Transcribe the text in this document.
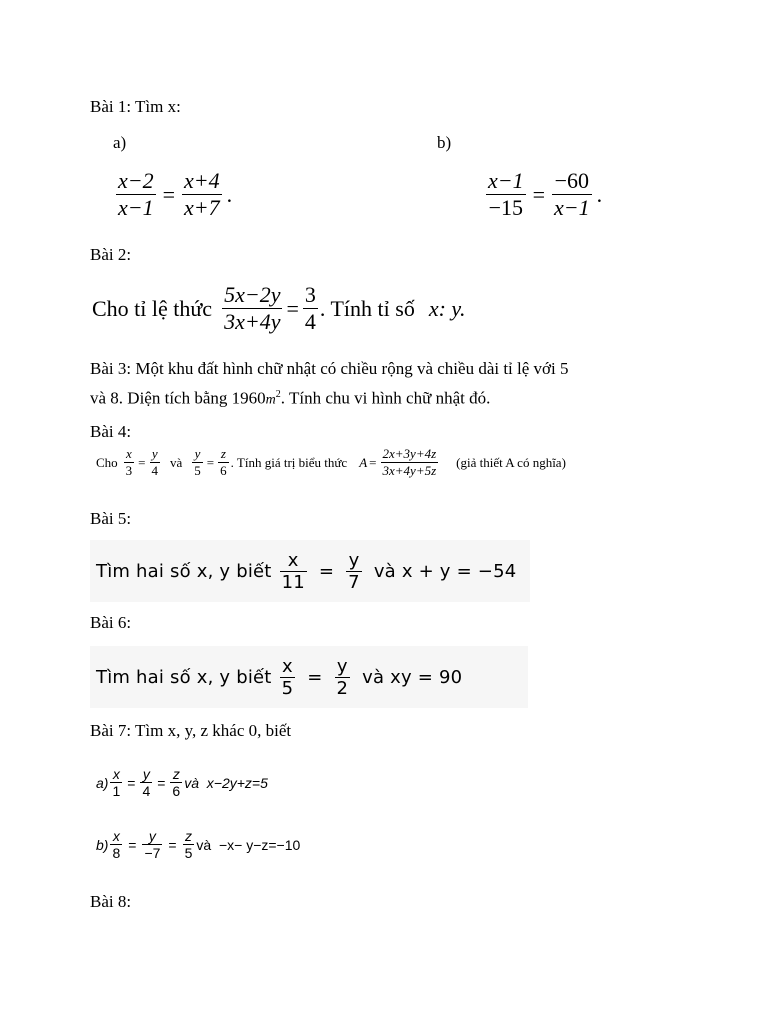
Bài 1: Tìm x:
a)	b)
$\frac{x-2}{x-1} = \frac{x+4}{x+7}$ .	$\frac{x-1}{-15} = \frac{-60}{x-1}$ .
Bài 2:
Cho tỉ lệ thức $\frac{5x-2y}{3x+4y} = \frac{3}{4}$ . Tính tỉ số x: y.
Bài 3: Một khu đất hình chữ nhật có chiều rộng và chiều dài tỉ lệ với 5
và 8. Diện tích bằng $1960m^2$. Tính chu vi hình chữ nhật đó.
Bài 4:
Cho $\frac{x}{3} = \frac{y}{4}$ và $\frac{y}{5} = \frac{z}{6}$ . Tính giá trị biểu thức $A = \frac{2x+3y+4z}{3x+4y+5z}$ (giả thiết A có nghĩa)
Bài 5:
Tìm hai số x, y biết $\frac{x}{11} = \frac{y}{7}$ và x + y = −54
Bài 6:
Tìm hai số x, y biết $\frac{x}{5} = \frac{y}{2}$ và xy = 90
Bài 7: Tìm x, y, z khác 0, biết
$a) \frac{x}{1} = \frac{y}{4} = \frac{z}{6}$ và  x−2y+z=5
$b) \frac{x}{8} = \frac{y}{-7} = \frac{z}{5}$ và  −x− y−z=−10
Bài 8:
